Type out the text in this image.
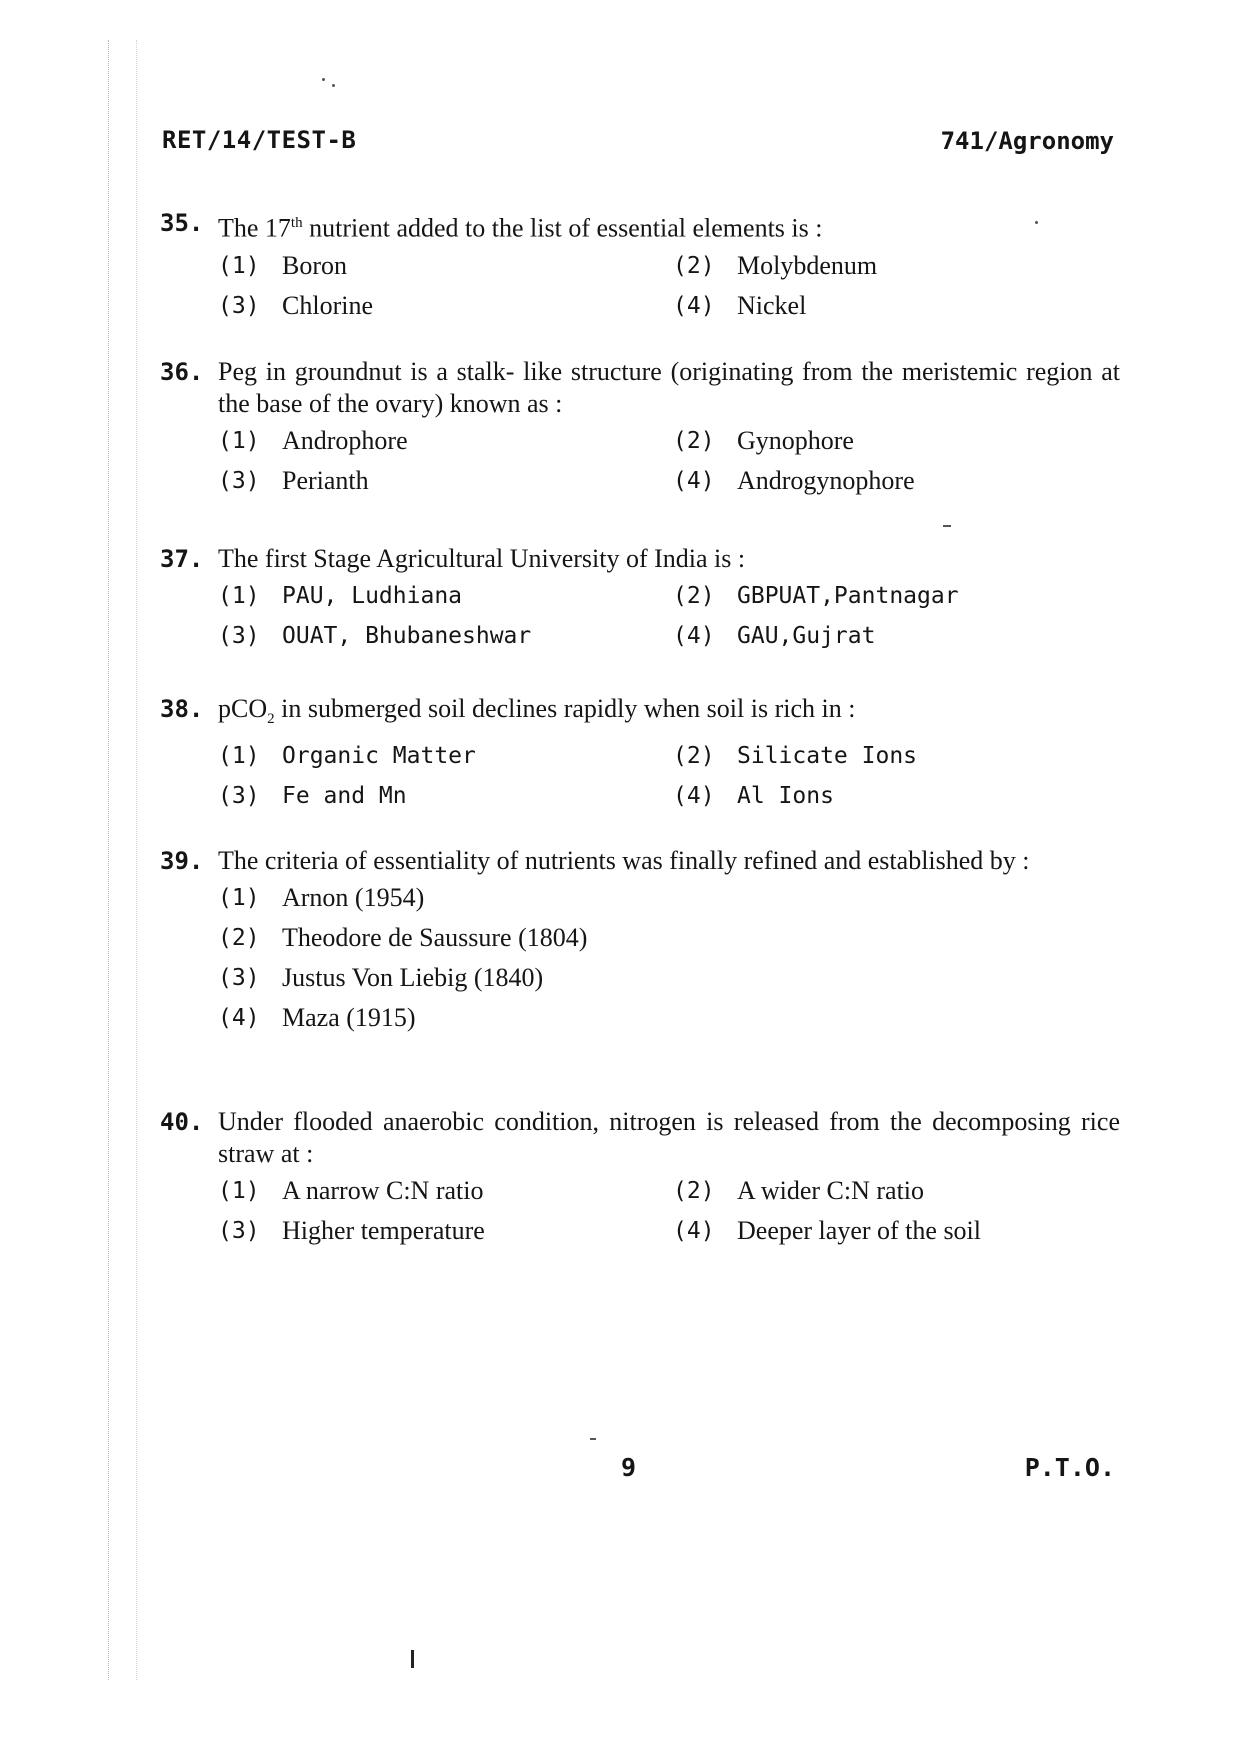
RET/14/TEST-B	741/Agronomy
35. The 17th nutrient added to the list of essential elements is :
(1) Boron	(2) Molybdenum
(3) Chlorine	(4) Nickel
36. Peg in groundnut is a stalk- like structure (originating from the meristemic region at the base of the ovary) known as :
(1) Androphore	(2) Gynophore
(3) Perianth	(4) Androgynophore
37. The first Stage Agricultural University of India is :
(1) PAU, Ludhiana	(2) GBPUAT,Pantnagar
(3) OUAT, Bhubaneshwar	(4) GAU,Gujrat
38. pCO$_2$ in submerged soil declines rapidly when soil is rich in :
(1) Organic Matter	(2) Silicate Ions
(3) Fe and Mn	(4) Al Ions
39. The criteria of essentiality of nutrients was finally refined and established by :
(1) Arnon (1954)
(2) Theodore de Saussure (1804)
(3) Justus Von Liebig (1840)
(4) Maza (1915)
40. Under flooded anaerobic condition, nitrogen is released from the decomposing rice straw at :
(1) A narrow C:N ratio	(2) A wider C:N ratio
(3) Higher temperature	(4) Deeper layer of the soil
9	P.T.O.
